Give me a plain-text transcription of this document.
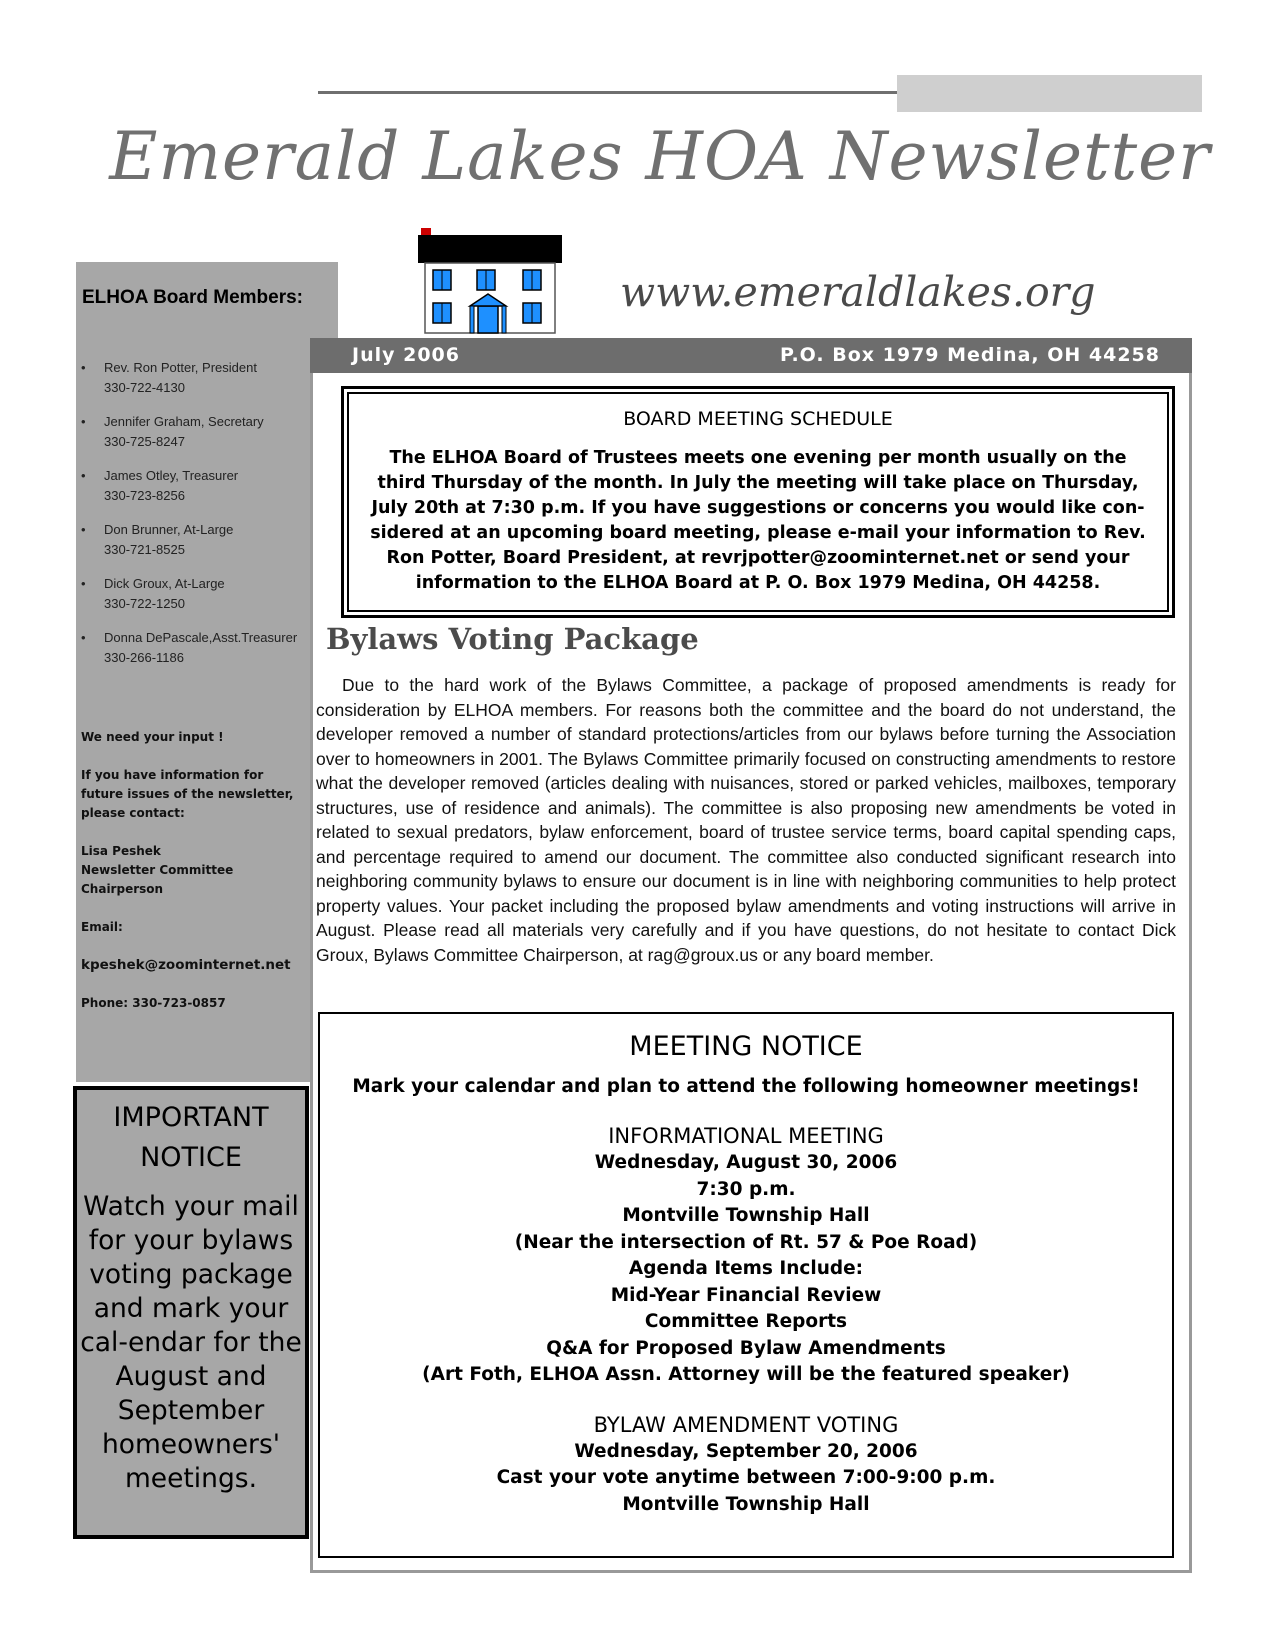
Emerald Lakes HOA Newsletter
www.emeraldlakes.org
ELHOA Board Members:
• Rev. Ron Potter, President
330-722-4130
• Jennifer Graham, Secretary
330-725-8247
• James Otley, Treasurer
330-723-8256
• Don Brunner, At-Large
330-721-8525
• Dick Groux, At-Large
330-722-1250
• Donna DePascale,Asst.Treasurer
330-266-1186
We need your input !
If you have information for future issues of the newsletter, please contact:
Lisa Peshek
Newsletter Committee Chairperson
Email:
kpeshek@zoominternet.net
Phone: 330-723-0857
IMPORTANT NOTICE
Watch your mail for your bylaws voting package and mark your cal-endar for the August and September homeowners' meetings.
July 2006	P.O. Box 1979 Medina, OH 44258
BOARD MEETING SCHEDULE
The ELHOA Board of Trustees meets one evening per month usually on the third Thursday of the month. In July the meeting will take place on Thursday, July 20th at 7:30 p.m. If you have suggestions or concerns you would like con-sidered at an upcoming board meeting, please e-mail your information to Rev. Ron Potter, Board President, at revrjpotter@zoominternet.net or send your information to the ELHOA Board at P. O. Box 1979 Medina, OH 44258.
Bylaws Voting Package
Due to the hard work of the Bylaws Committee, a package of proposed amendments is ready for consideration by ELHOA members. For reasons both the committee and the board do not understand, the developer removed a number of standard protections/articles from our bylaws before turning the Association over to homeowners in 2001. The Bylaws Committee primarily focused on constructing amendments to restore what the developer removed (articles dealing with nuisances, stored or parked vehicles, mailboxes, temporary structures, use of residence and animals). The committee is also proposing new amendments be voted in related to sexual predators, bylaw enforcement, board of trustee service terms, board capital spending caps, and percentage required to amend our document. The committee also conducted significant research into neighboring community bylaws to ensure our document is in line with neighboring communities to help protect property values. Your packet including the proposed bylaw amendments and voting instructions will arrive in August. Please read all materials very carefully and if you have questions, do not hesitate to contact Dick Groux, Bylaws Committee Chairperson, at rag@groux.us or any board member.
MEETING NOTICE
Mark your calendar and plan to attend the following homeowner meetings!
INFORMATIONAL MEETING
Wednesday, August 30, 2006
7:30 p.m.
Montville Township Hall
(Near the intersection of Rt. 57 & Poe Road)
Agenda Items Include:
Mid-Year Financial Review
Committee Reports
Q&A for Proposed Bylaw Amendments
(Art Foth, ELHOA Assn. Attorney will be the featured speaker)
BYLAW AMENDMENT VOTING
Wednesday, September 20, 2006
Cast your vote anytime between 7:00-9:00 p.m.
Montville Township Hall
